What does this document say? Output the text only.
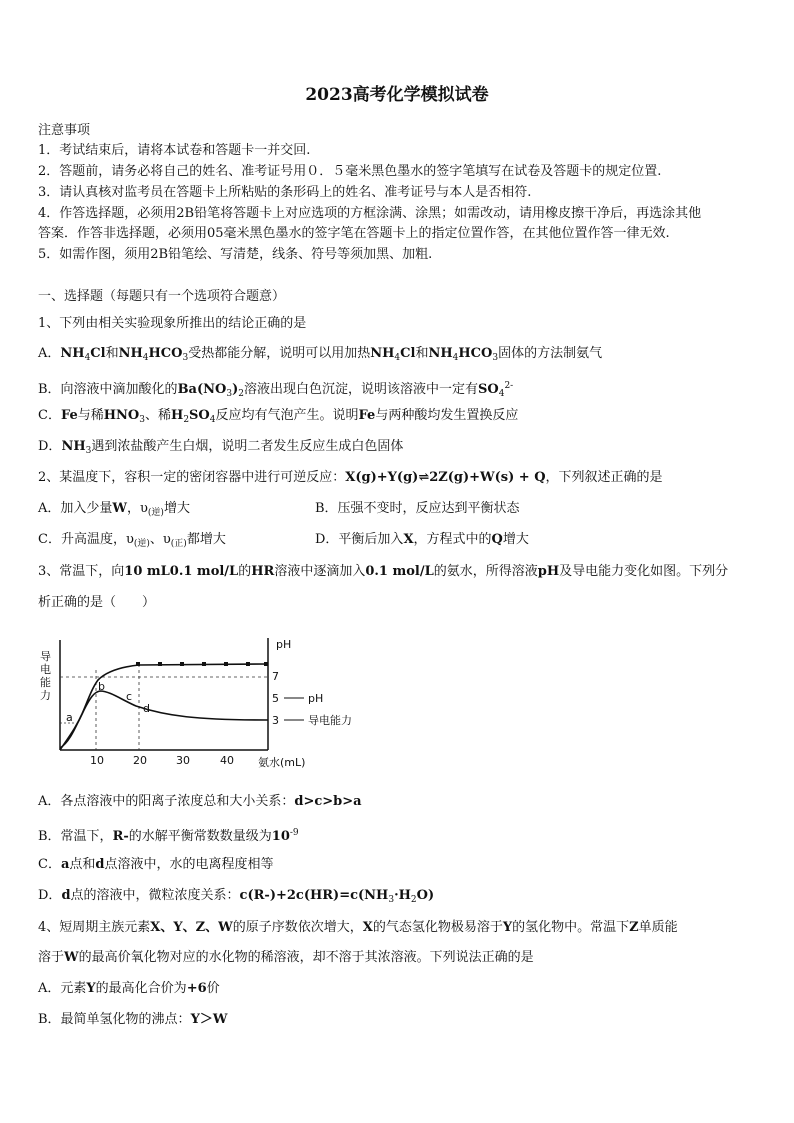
2023高考化学模拟试卷
注意事项
1．考试结束后，请将本试卷和答题卡一并交回.
2．答题前，请务必将自己的姓名、准考证号用０．５毫米黑色墨水的签字笔填写在试卷及答题卡的规定位置.
3．请认真核对监考员在答题卡上所粘贴的条形码上的姓名、准考证号与本人是否相符.
4．作答选择题，必须用2B铅笔将答题卡上对应选项的方框涂满、涂黑；如需改动，请用橡皮擦干净后，再选涂其他
答案．作答非选择题，必须用05毫米黑色墨水的签字笔在答题卡上的指定位置作答，在其他位置作答一律无效.
5．如需作图，须用2B铅笔绘、写清楚，线条、符号等须加黑、加粗.
一、选择题（每题只有一个选项符合题意）
1、下列由相关实验现象所推出的结论正确的是
A．$NH_4Cl$和$NH_4HCO_3$受热都能分解，说明可以用加热$NH_4Cl$和$NH_4HCO_3$固体的方法制氨气
B．向溶液中滴加酸化的$Ba(NO_3)_2$溶液出现白色沉淀，说明该溶液中一定有$SO_4^{2-}$
C．Fe与稀$HNO_3$、稀$H_2SO_4$反应均有气泡产生。说明Fe与两种酸均发生置换反应
D．$NH_3$遇到浓盐酸产生白烟，说明二者发生反应生成白色固体
2、某温度下，容积一定的密闭容器中进行可逆反应：X(g)+Y(g)⇌2Z(g)+W(s) + Q，下列叙述正确的是
A．加入少量W，$\upsilon_{(逆)}$增大	B．压强不变时，反应达到平衡状态
C．升高温度，$\upsilon_{(逆)}$、$\upsilon_{(正)}$都增大	D．平衡后加入X，方程式中的Q增大
3、常温下，向10 mL0.1 mol/L的HR溶液中逐滴加入0.1 mol/L的氨水，所得溶液pH及导电能力变化如图。下列分
析正确的是（　　）
a
b
c
d
导
电
能
力
pH
7
5
3
pH
导电能力
10	20	30	40 氨水(mL)
A．各点溶液中的阳离子浓度总和大小关系：d>c>b>a
B．常温下，R-的水解平衡常数数量级为$10^{-9}$
C．a点和d点溶液中，水的电离程度相等
D．d点的溶液中，微粒浓度关系：$c(R-)+2c(HR)=c(NH_3\cdot H_2O)$
4、短周期主族元素X、Y、Z、W的原子序数依次增大，X的气态氢化物极易溶于Y的氢化物中。常温下Z单质能
溶于W的最高价氧化物对应的水化物的稀溶液，却不溶于其浓溶液。下列说法正确的是
A．元素Y的最高化合价为+6价
B．最简单氢化物的沸点：Y＞W
